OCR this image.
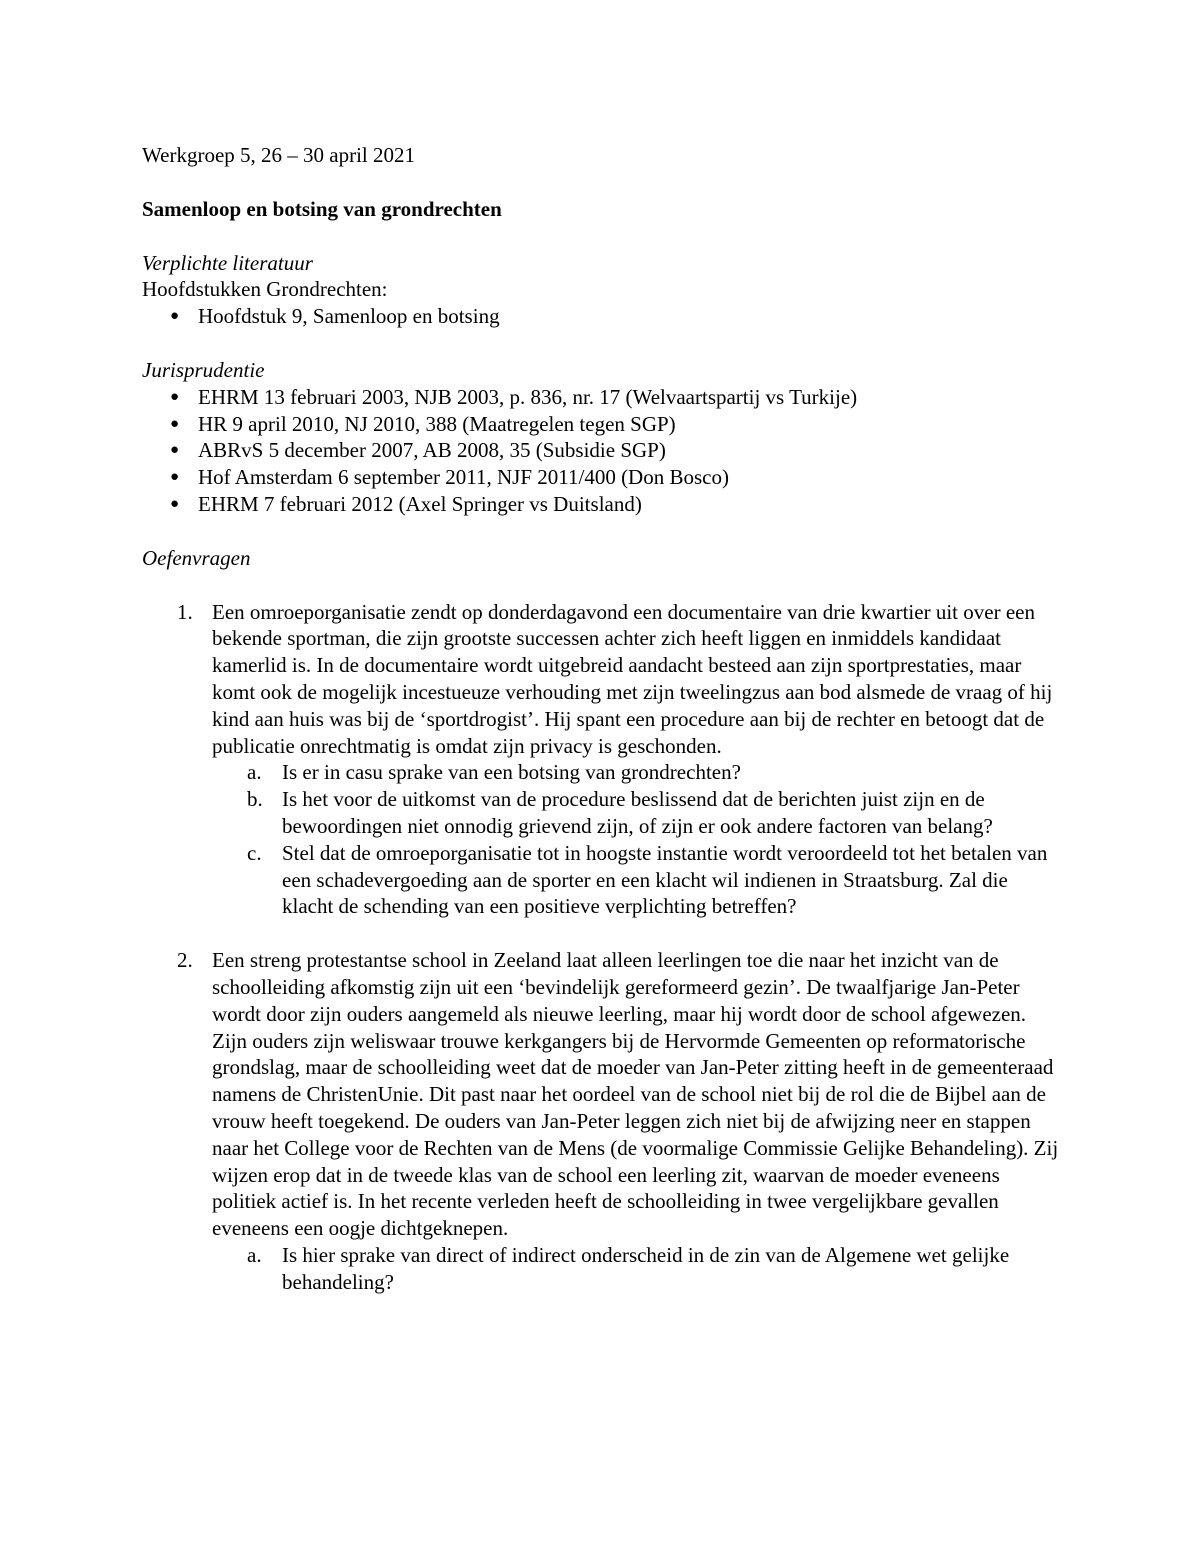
Werkgroep 5, 26 – 30 april 2021

Samenloop en botsing van grondrechten

Verplichte literatuur

Hoofdstukken Grondrechten:

● Hoofdstuk 9, Samenloop en botsing

Jurisprudentie

● EHRM 13 februari 2003, NJB 2003, p. 836, nr. 17 (Welvaartspartij vs Turkije)
● HR 9 april 2010, NJ 2010, 388 (Maatregelen tegen SGP)
● ABRvS 5 december 2007, AB 2008, 35 (Subsidie SGP)
● Hof Amsterdam 6 september 2011, NJF 2011/400 (Don Bosco)
● EHRM 7 februari 2012 (Axel Springer vs Duitsland)

Oefenvragen

1. Een omroeporganisatie zendt op donderdagavond een documentaire van drie kwartier uit over een bekende sportman, die zijn grootste successen achter zich heeft liggen en inmiddels kandidaat kamerlid is. In de documentaire wordt uitgebreid aandacht besteed aan zijn sportprestaties, maar komt ook de mogelijk incestueuze verhouding met zijn tweelingzus aan bod alsmede de vraag of hij kind aan huis was bij de ‘sportdrogist’. Hij spant een procedure aan bij de rechter en betoogt dat de publicatie onrechtmatig is omdat zijn privacy is geschonden.

a. Is er in casu sprake van een botsing van grondrechten?
b. Is het voor de uitkomst van de procedure beslissend dat de berichten juist zijn en de bewoordingen niet onnodig grievend zijn, of zijn er ook andere factoren van belang?
c. Stel dat de omroeporganisatie tot in hoogste instantie wordt veroordeeld tot het betalen van een schadevergoeding aan de sporter en een klacht wil indienen in Straatsburg. Zal die klacht de schending van een positieve verplichting betreffen?
2. Een streng protestantse school in Zeeland laat alleen leerlingen toe die naar het inzicht van de schoolleiding afkomstig zijn uit een ‘bevindelijk gereformeerd gezin’. De twaalfjarige Jan-Peter wordt door zijn ouders aangemeld als nieuwe leerling, maar hij wordt door de school afgewezen. Zijn ouders zijn weliswaar trouwe kerkgangers bij de Hervormde Gemeenten op reformatorische grondslag, maar de schoolleiding weet dat de moeder van Jan-Peter zitting heeft in de gemeenteraad namens de ChristenUnie. Dit past naar het oordeel van de school niet bij de rol die de Bijbel aan de vrouw heeft toegekend. De ouders van Jan-Peter leggen zich niet bij de afwijzing neer en stappen naar het College voor de Rechten van de Mens (de voormalige Commissie Gelijke Behandeling). Zij wijzen erop dat in de tweede klas van de school een leerling zit, waarvan de moeder eveneens politiek actief is. In het recente verleden heeft de schoolleiding in twee vergelijkbare gevallen eveneens een oogje dichtgeknepen.

a. Is hier sprake van direct of indirect onderscheid in de zin van de Algemene wet gelijke behandeling?
